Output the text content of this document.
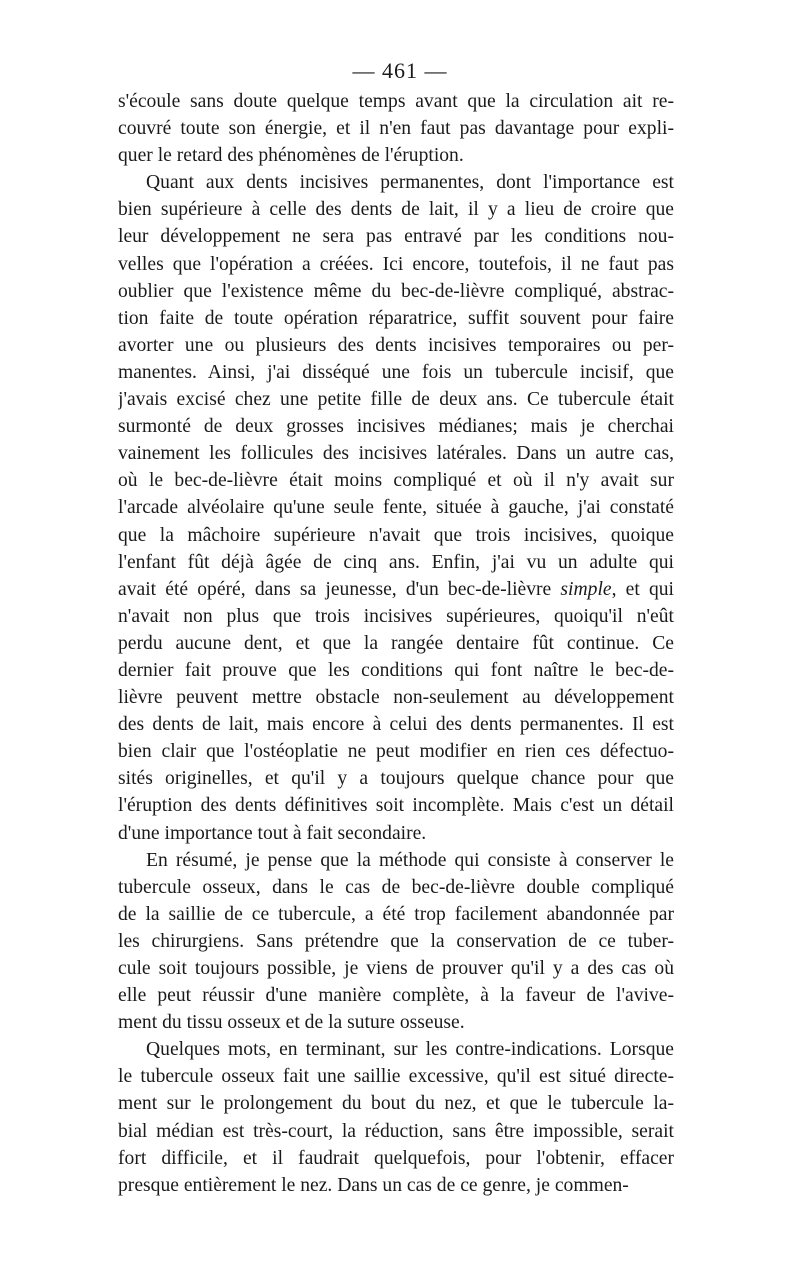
— 461 —
s'écoule sans doute quelque temps avant que la circulation ait re-
couvré toute son énergie, et il n'en faut pas davantage pour expli-
quer le retard des phénomènes de l'éruption.
Quant aux dents incisives permanentes, dont l'importance est
bien supérieure à celle des dents de lait, il y a lieu de croire que
leur développement ne sera pas entravé par les conditions nou-
velles que l'opération a créées. Ici encore, toutefois, il ne faut pas
oublier que l'existence même du bec-de-lièvre compliqué, abstrac-
tion faite de toute opération réparatrice, suffit souvent pour faire
avorter une ou plusieurs des dents incisives temporaires ou per-
manentes. Ainsi, j'ai disséqué une fois un tubercule incisif, que
j'avais excisé chez une petite fille de deux ans. Ce tubercule était
surmonté de deux grosses incisives médianes; mais je cherchai
vainement les follicules des incisives latérales. Dans un autre cas,
où le bec-de-lièvre était moins compliqué et où il n'y avait sur
l'arcade alvéolaire qu'une seule fente, située à gauche, j'ai constaté
que la mâchoire supérieure n'avait que trois incisives, quoique
l'enfant fût déjà âgée de cinq ans. Enfin, j'ai vu un adulte qui
avait été opéré, dans sa jeunesse, d'un bec-de-lièvre simple, et qui
n'avait non plus que trois incisives supérieures, quoiqu'il n'eût
perdu aucune dent, et que la rangée dentaire fût continue. Ce
dernier fait prouve que les conditions qui font naître le bec-de-
lièvre peuvent mettre obstacle non-seulement au développement
des dents de lait, mais encore à celui des dents permanentes. Il est
bien clair que l'ostéoplatie ne peut modifier en rien ces défectuo-
sités originelles, et qu'il y a toujours quelque chance pour que
l'éruption des dents définitives soit incomplète. Mais c'est un détail
d'une importance tout à fait secondaire.
En résumé, je pense que la méthode qui consiste à conserver le
tubercule osseux, dans le cas de bec-de-lièvre double compliqué
de la saillie de ce tubercule, a été trop facilement abandonnée par
les chirurgiens. Sans prétendre que la conservation de ce tuber-
cule soit toujours possible, je viens de prouver qu'il y a des cas où
elle peut réussir d'une manière complète, à la faveur de l'avive-
ment du tissu osseux et de la suture osseuse.
Quelques mots, en terminant, sur les contre-indications. Lorsque
le tubercule osseux fait une saillie excessive, qu'il est situé directe-
ment sur le prolongement du bout du nez, et que le tubercule la-
bial médian est très-court, la réduction, sans être impossible, serait
fort difficile, et il faudrait quelquefois, pour l'obtenir, effacer
presque entièrement le nez. Dans un cas de ce genre, je commen-
